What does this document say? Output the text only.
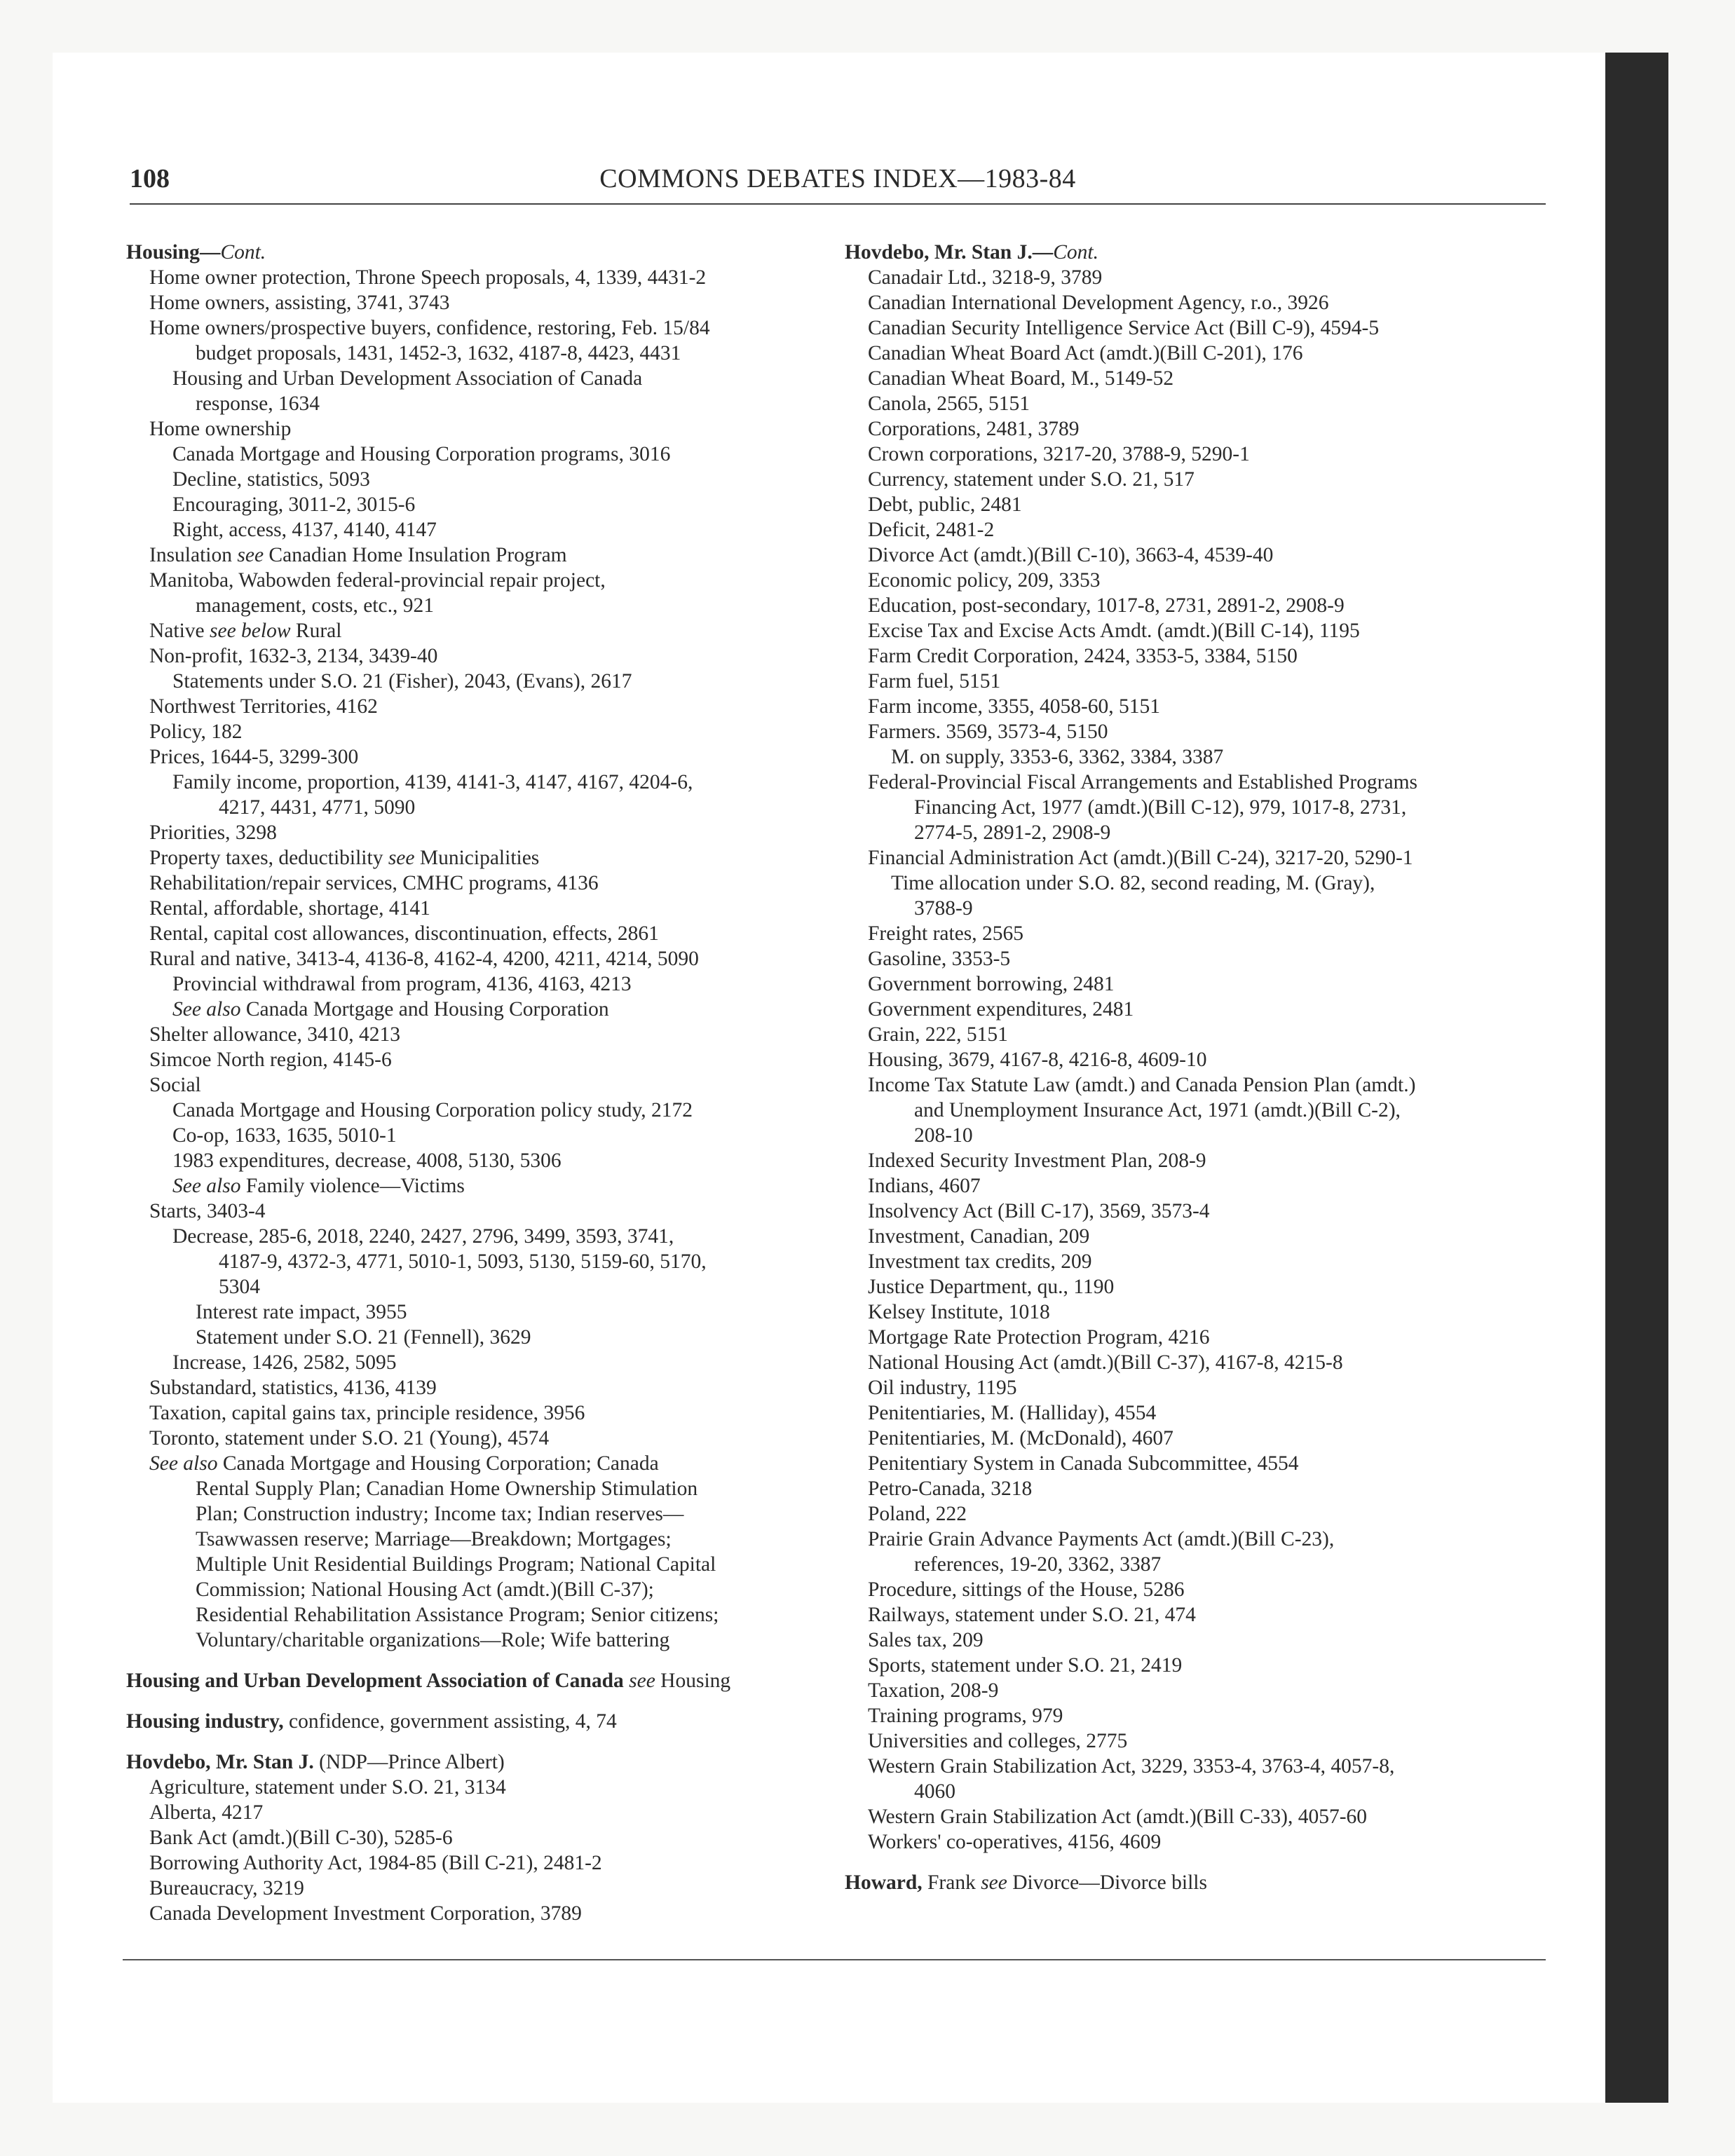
COMMONS DEBATES INDEX—1983-84
108
Housing—Cont.
Home owner protection, Throne Speech proposals, 4, 1339, 4431-2
Home owners, assisting, 3741, 3743
Home owners/prospective buyers, confidence, restoring, Feb. 15/84
budget proposals, 1431, 1452-3, 1632, 4187-8, 4423, 4431
Housing and Urban Development Association of Canada
response, 1634
Home ownership
Canada Mortgage and Housing Corporation programs, 3016
Decline, statistics, 5093
Encouraging, 3011-2, 3015-6
Right, access, 4137, 4140, 4147
Insulation see Canadian Home Insulation Program
Manitoba, Wabowden federal-provincial repair project,
management, costs, etc., 921
Native see below Rural
Non-profit, 1632-3, 2134, 3439-40
Statements under S.O. 21 (Fisher), 2043, (Evans), 2617
Northwest Territories, 4162
Policy, 182
Prices, 1644-5, 3299-300
Family income, proportion, 4139, 4141-3, 4147, 4167, 4204-6,
4217, 4431, 4771, 5090
Priorities, 3298
Property taxes, deductibility see Municipalities
Rehabilitation/repair services, CMHC programs, 4136
Rental, affordable, shortage, 4141
Rental, capital cost allowances, discontinuation, effects, 2861
Rural and native, 3413-4, 4136-8, 4162-4, 4200, 4211, 4214, 5090
Provincial withdrawal from program, 4136, 4163, 4213
See also Canada Mortgage and Housing Corporation
Shelter allowance, 3410, 4213
Simcoe North region, 4145-6
Social
Canada Mortgage and Housing Corporation policy study, 2172
Co-op, 1633, 1635, 5010-1
1983 expenditures, decrease, 4008, 5130, 5306
See also Family violence—Victims
Starts, 3403-4
Decrease, 285-6, 2018, 2240, 2427, 2796, 3499, 3593, 3741,
4187-9, 4372-3, 4771, 5010-1, 5093, 5130, 5159-60, 5170,
5304
Interest rate impact, 3955
Statement under S.O. 21 (Fennell), 3629
Increase, 1426, 2582, 5095
Substandard, statistics, 4136, 4139
Taxation, capital gains tax, principle residence, 3956
Toronto, statement under S.O. 21 (Young), 4574
See also Canada Mortgage and Housing Corporation; Canada
Rental Supply Plan; Canadian Home Ownership Stimulation
Plan; Construction industry; Income tax; Indian reserves—
Tsawwassen reserve; Marriage—Breakdown; Mortgages;
Multiple Unit Residential Buildings Program; National Capital
Commission; National Housing Act (amdt.)(Bill C-37);
Residential Rehabilitation Assistance Program; Senior citizens;
Voluntary/charitable organizations—Role; Wife battering
Housing and Urban Development Association of Canada see Housing
Housing industry, confidence, government assisting, 4, 74
Hovdebo, Mr. Stan J. (NDP—Prince Albert)
Agriculture, statement under S.O. 21, 3134
Alberta, 4217
Bank Act (amdt.)(Bill C-30), 5285-6
Borrowing Authority Act, 1984-85 (Bill C-21), 2481-2
Bureaucracy, 3219
Canada Development Investment Corporation, 3789
Hovdebo, Mr. Stan J.—Cont.
Canadair Ltd., 3218-9, 3789
Canadian International Development Agency, r.o., 3926
Canadian Security Intelligence Service Act (Bill C-9), 4594-5
Canadian Wheat Board Act (amdt.)(Bill C-201), 176
Canadian Wheat Board, M., 5149-52
Canola, 2565, 5151
Corporations, 2481, 3789
Crown corporations, 3217-20, 3788-9, 5290-1
Currency, statement under S.O. 21, 517
Debt, public, 2481
Deficit, 2481-2
Divorce Act (amdt.)(Bill C-10), 3663-4, 4539-40
Economic policy, 209, 3353
Education, post-secondary, 1017-8, 2731, 2891-2, 2908-9
Excise Tax and Excise Acts Amdt. (amdt.)(Bill C-14), 1195
Farm Credit Corporation, 2424, 3353-5, 3384, 5150
Farm fuel, 5151
Farm income, 3355, 4058-60, 5151
Farmers. 3569, 3573-4, 5150
M. on supply, 3353-6, 3362, 3384, 3387
Federal-Provincial Fiscal Arrangements and Established Programs
Financing Act, 1977 (amdt.)(Bill C-12), 979, 1017-8, 2731,
2774-5, 2891-2, 2908-9
Financial Administration Act (amdt.)(Bill C-24), 3217-20, 5290-1
Time allocation under S.O. 82, second reading, M. (Gray),
3788-9
Freight rates, 2565
Gasoline, 3353-5
Government borrowing, 2481
Government expenditures, 2481
Grain, 222, 5151
Housing, 3679, 4167-8, 4216-8, 4609-10
Income Tax Statute Law (amdt.) and Canada Pension Plan (amdt.)
and Unemployment Insurance Act, 1971 (amdt.)(Bill C-2),
208-10
Indexed Security Investment Plan, 208-9
Indians, 4607
Insolvency Act (Bill C-17), 3569, 3573-4
Investment, Canadian, 209
Investment tax credits, 209
Justice Department, qu., 1190
Kelsey Institute, 1018
Mortgage Rate Protection Program, 4216
National Housing Act (amdt.)(Bill C-37), 4167-8, 4215-8
Oil industry, 1195
Penitentiaries, M. (Halliday), 4554
Penitentiaries, M. (McDonald), 4607
Penitentiary System in Canada Subcommittee, 4554
Petro-Canada, 3218
Poland, 222
Prairie Grain Advance Payments Act (amdt.)(Bill C-23),
references, 19-20, 3362, 3387
Procedure, sittings of the House, 5286
Railways, statement under S.O. 21, 474
Sales tax, 209
Sports, statement under S.O. 21, 2419
Taxation, 208-9
Training programs, 979
Universities and colleges, 2775
Western Grain Stabilization Act, 3229, 3353-4, 3763-4, 4057-8,
4060
Western Grain Stabilization Act (amdt.)(Bill C-33), 4057-60
Workers' co-operatives, 4156, 4609
Howard, Frank see Divorce—Divorce bills
